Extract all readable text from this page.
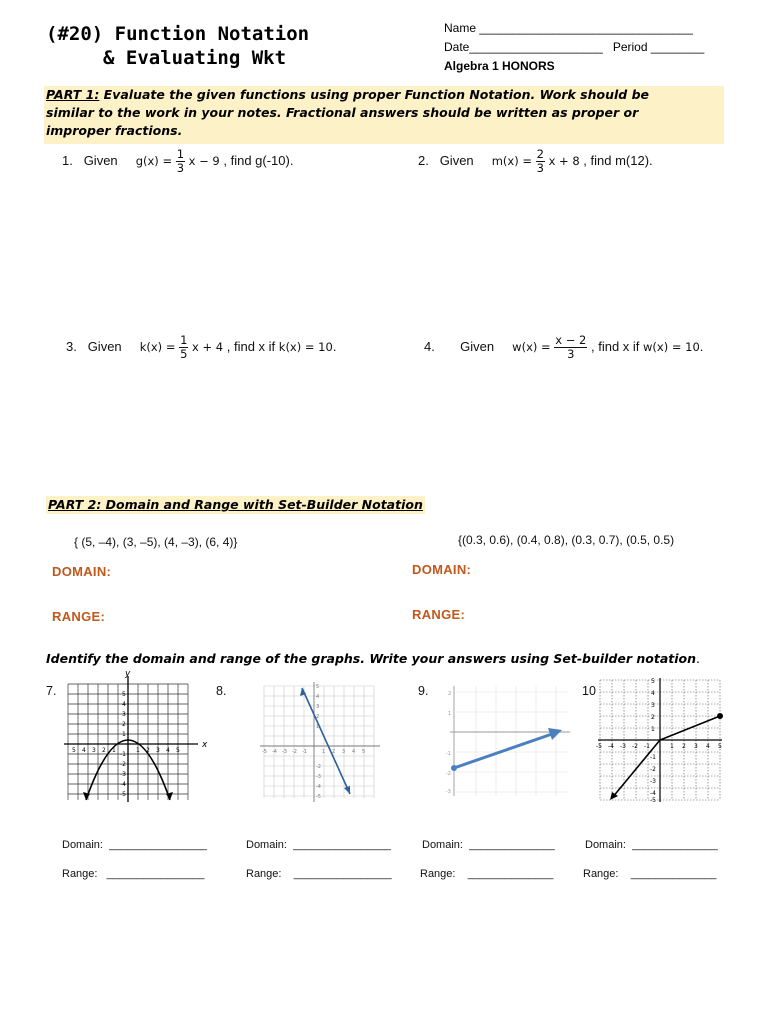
(#20) Function Notation
& Evaluating Wkt
Name ________________________________
Date____________________   Period ________
Algebra 1 HONORS
PART 1: Evaluate the given functions using proper Function Notation. Work should be
similar to the work in your notes. Fractional answers should be written as proper or
improper fractions.
1. Given $g(x) = \frac{1}{3}$ x − 9 , find g(-10).	2. Given $m(x) = \frac{2}{3}$ x + 8 , find m(12).
3. Given $k(x) = \frac{1}{5}$ x + 4 , find x if k(x) = 10.	4. Given $w(x) = \frac{x - 2}{3}$ , find x if w(x) = 10.
PART 2: Domain and Range with Set-Builder Notation
{ (5, –4), (3, –5), (4, –3), (6, 4)}	{(0.3, 0.6), (0.4, 0.8), (0.3, 0.7), (0.5, 0.5)
DOMAIN:	DOMAIN:
RANGE:	RANGE:
Identify the domain and range of the graphs. Write your answers using Set-builder notation.
7.	8.	9.	10
x
y
5 4 3 2 1	1 2 3 4 5
5
4
3
2
1
-1
-2
-3
-4
-5
-5 -4 -3 -2 -1	1 2 3 4 5
5
4
3
2
1
-2
-3
-4
-5
2
1
-1
-2
-3
-5 -4 -3 -2 -1	1 2 3 4 5
5
4
3
2
1
-1
-2
-3
-4
-5
Domain:  ________________
Range:   ________________
Domain:  ________________
Range:    ________________
Domain:  ______________
Range:    ______________
Domain:  ______________
Range:    ______________
